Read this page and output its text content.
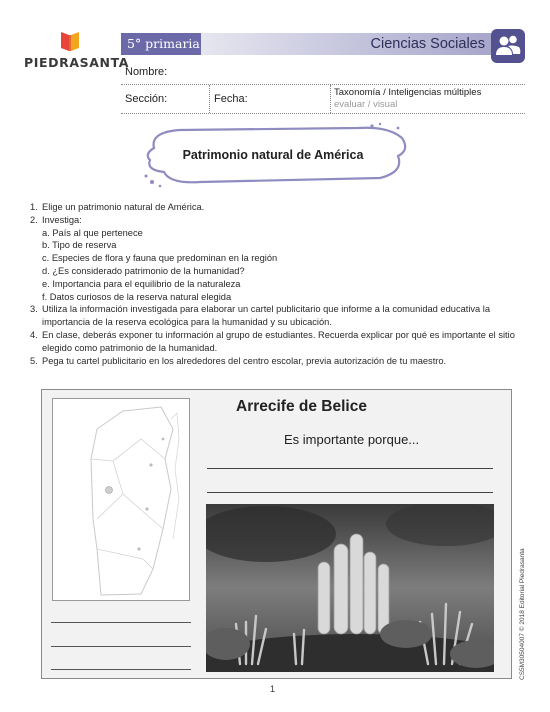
PIEDRASANTA
5° primaria	Ciencias Sociales
Nombre:
Sección:	Fecha:
Taxonomía / Inteligencias múltiples
evaluar / visual
Patrimonio natural de América
1. Elige un patrimonio natural de América.
2. Investiga:
a. País al que pertenece
b. Tipo de reserva
c. Especies de flora y fauna que predominan en la región
d. ¿Es considerado patrimonio de la humanidad?
e. Importancia para el equilibrio de la naturaleza
f. Datos curiosos de la reserva natural elegida
3. Utiliza la información investigada para elaborar un cartel publicitario que informe a la comunidad educativa la
importancia de la reserva ecológica para la humanidad y su ubicación.
4. En clase, deberás exponer tu información al grupo de estudiantes. Recuerda explicar por qué es importante el sitio
elegido como patrimonio de la humanidad.
5. Pega tu cartel publicitario en los alrededores del centro escolar, previa autorización de tu maestro.
Arrecife de Belice
Es importante porque...
1
CS5M30504007 © 2018 Editorial Piedrasanta
